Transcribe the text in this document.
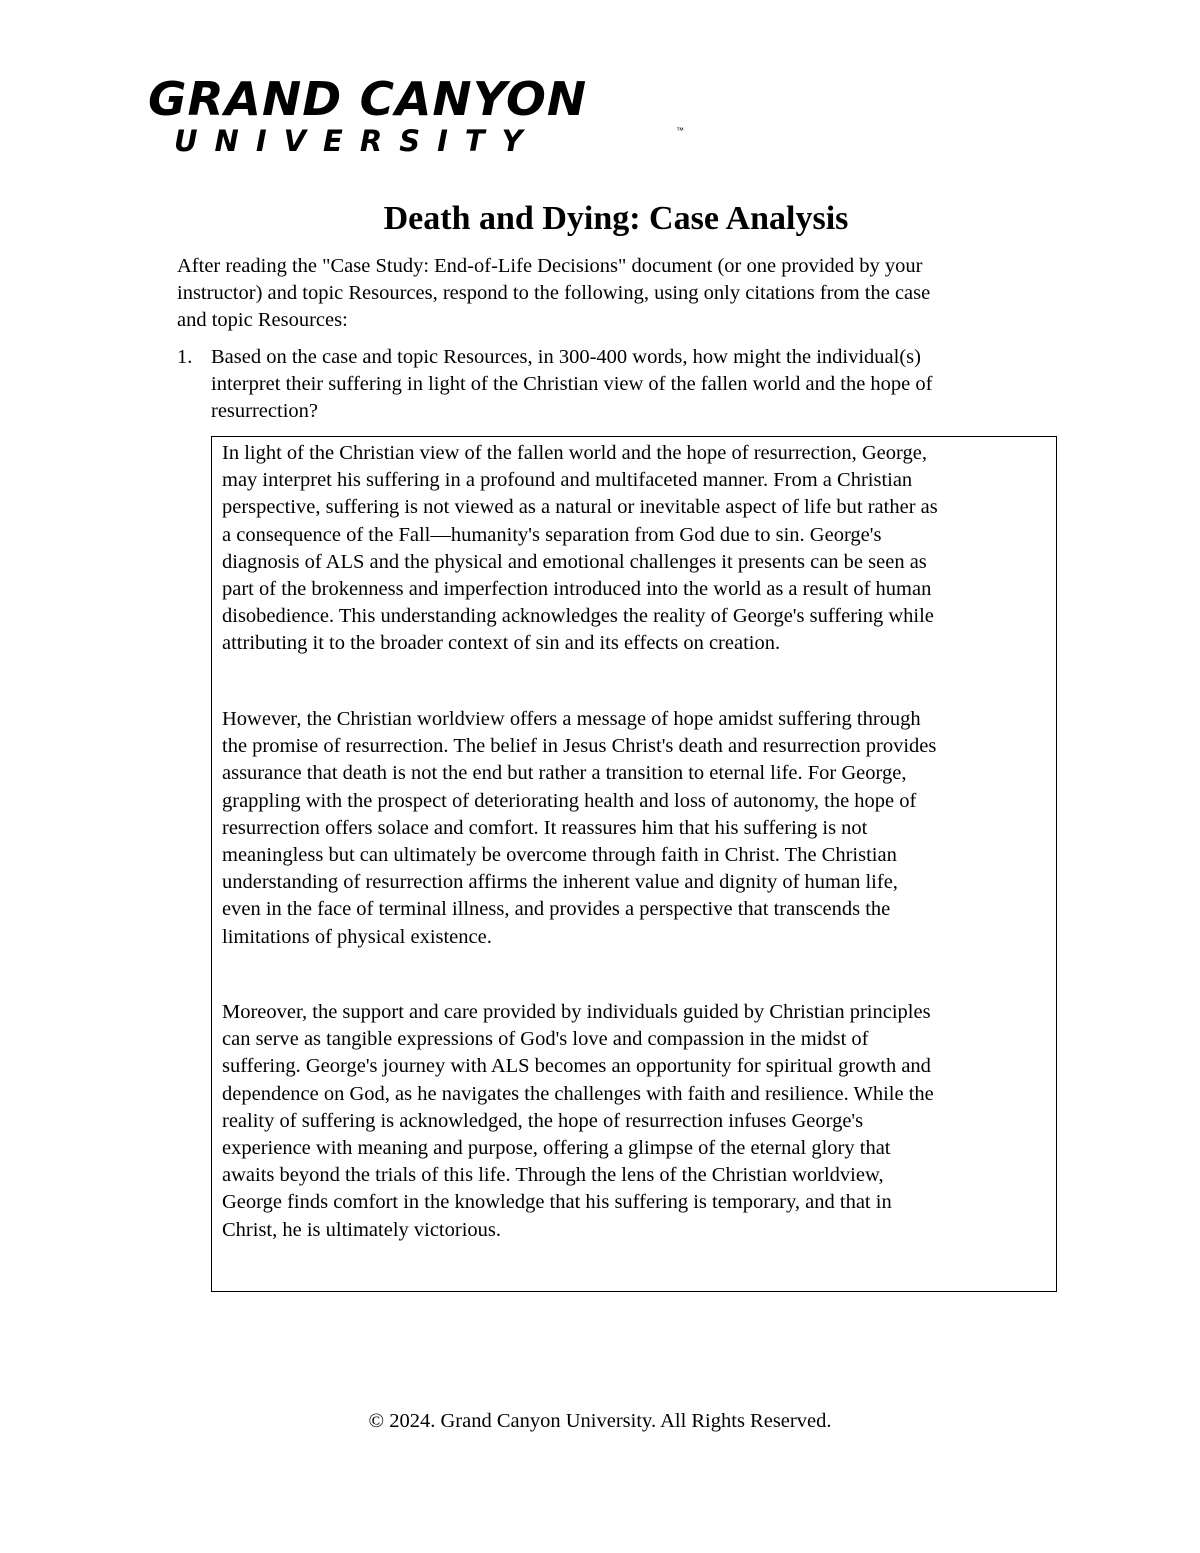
GRAND CANYON
UNIVERSITY	™
Death and Dying: Case Analysis
After reading the "Case Study: End-of-Life Decisions" document (or one provided by your
instructor) and topic Resources, respond to the following, using only citations from the case
and topic Resources:
1. Based on the case and topic Resources, in 300-400 words, how might the individual(s)
interpret their suffering in light of the Christian view of the fallen world and the hope of
resurrection?
In light of the Christian view of the fallen world and the hope of resurrection, George,
may interpret his suffering in a profound and multifaceted manner. From a Christian
perspective, suffering is not viewed as a natural or inevitable aspect of life but rather as
a consequence of the Fall—humanity's separation from God due to sin. George's
diagnosis of ALS and the physical and emotional challenges it presents can be seen as
part of the brokenness and imperfection introduced into the world as a result of human
disobedience. This understanding acknowledges the reality of George's suffering while
attributing it to the broader context of sin and its effects on creation.
However, the Christian worldview offers a message of hope amidst suffering through
the promise of resurrection. The belief in Jesus Christ's death and resurrection provides
assurance that death is not the end but rather a transition to eternal life. For George,
grappling with the prospect of deteriorating health and loss of autonomy, the hope of
resurrection offers solace and comfort. It reassures him that his suffering is not
meaningless but can ultimately be overcome through faith in Christ. The Christian
understanding of resurrection affirms the inherent value and dignity of human life,
even in the face of terminal illness, and provides a perspective that transcends the
limitations of physical existence.
Moreover, the support and care provided by individuals guided by Christian principles
can serve as tangible expressions of God's love and compassion in the midst of
suffering. George's journey with ALS becomes an opportunity for spiritual growth and
dependence on God, as he navigates the challenges with faith and resilience. While the
reality of suffering is acknowledged, the hope of resurrection infuses George's
experience with meaning and purpose, offering a glimpse of the eternal glory that
awaits beyond the trials of this life. Through the lens of the Christian worldview,
George finds comfort in the knowledge that his suffering is temporary, and that in
Christ, he is ultimately victorious.
© 2024. Grand Canyon University. All Rights Reserved.
